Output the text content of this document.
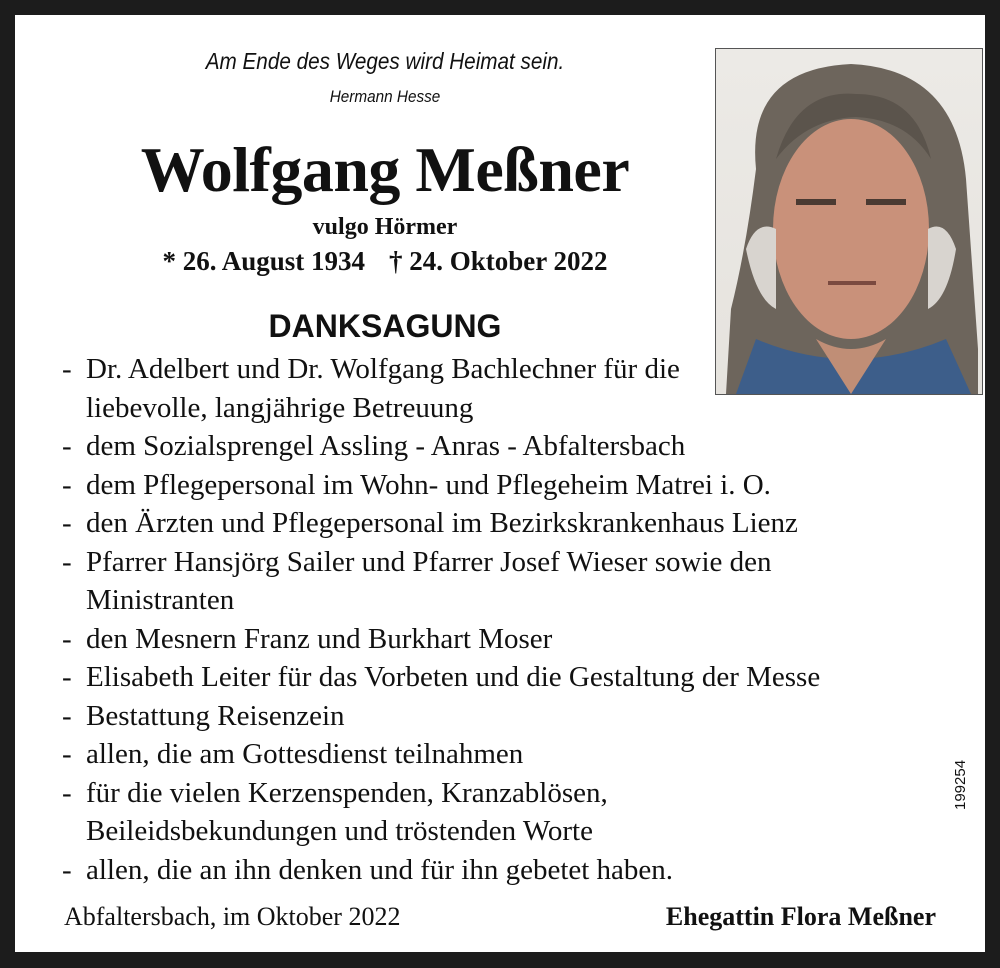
Am Ende des Weges wird Heimat sein.
Hermann Hesse
Wolfgang Meßner
vulgo Hörmer
* 26. August 1934 † 24. Oktober 2022
DANKSAGUNG
- Dr. Adelbert und Dr. Wolfgang Bachlechner für die liebevolle, langjährige Betreuung
- dem Sozialsprengel Assling - Anras - Abfaltersbach
- dem Pflegepersonal im Wohn- und Pflegeheim Matrei i. O.
- den Ärzten und Pflegepersonal im Bezirkskrankenhaus Lienz
- Pfarrer Hansjörg Sailer und Pfarrer Josef Wieser sowie den Ministranten
- den Mesnern Franz und Burkhart Moser
- Elisabeth Leiter für das Vorbeten und die Gestaltung der Messe
- Bestattung Reisenzein
- allen, die am Gottesdienst teilnahmen
- für die vielen Kerzenspenden, Kranzablösen, Beileidsbekundungen und tröstenden Worte
- allen, die an ihn denken und für ihn gebetet haben.
Abfaltersbach, im Oktober 2022	Ehegattin Flora Meßner
199254
